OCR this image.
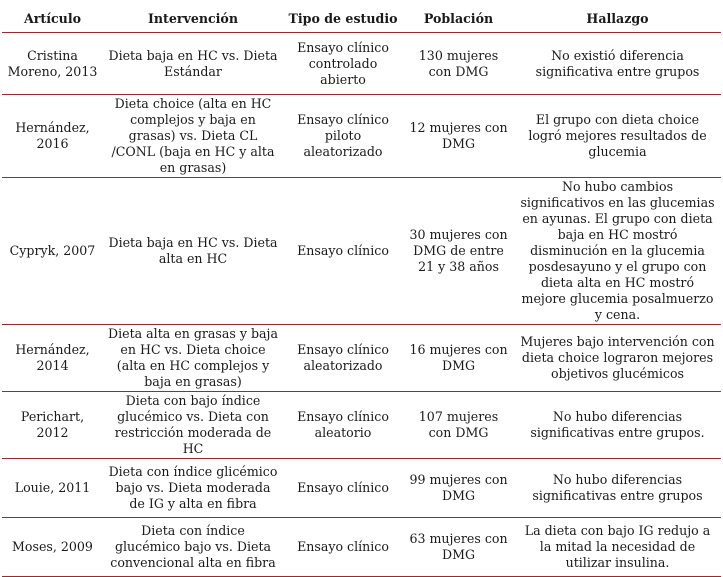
Artículo	Intervención	Tipo de estudio	Población	Hallazgo
Cristina Moreno, 2013	Dieta baja en HC vs. Dieta Estándar	Ensayo clínico controlado abierto	130 mujeres con DMG	No existió diferencia significativa entre grupos
Hernández, 2016	Dieta choice (alta en HC complejos y baja en grasas) vs. Dieta CL /CONL (baja en HC y alta en grasas)	Ensayo clínico piloto aleatorizado	12 mujeres con DMG	El grupo con dieta choice logró mejores resultados de glucemia
Cypryk, 2007	Dieta baja en HC vs. Dieta alta en HC	Ensayo clínico	30 mujeres con DMG de entre 21 y 38 años	No hubo cambios significativos en las glucemias en ayunas. El grupo con dieta baja en HC mostró disminución en la glucemia posdesayuno y el grupo con dieta alta en HC mostró mejore glucemia posalmuerzo y cena.
Hernández, 2014	Dieta alta en grasas y baja en HC vs. Dieta choice (alta en HC complejos y baja en grasas)	Ensayo clínico aleatorizado	16 mujeres con DMG	Mujeres bajo intervención con dieta choice lograron mejores objetivos glucémicos
Perichart, 2012	Dieta con bajo índice glucémico vs. Dieta con restricción moderada de HC	Ensayo clínico aleatorio	107 mujeres con DMG	No hubo diferencias significativas entre grupos.
Louie, 2011	Dieta con índice glicémico bajo vs. Dieta moderada de IG y alta en fibra	Ensayo clínico	99 mujeres con DMG	No hubo diferencias significativas entre grupos
Moses, 2009	Dieta con índice glucémico bajo vs. Dieta convencional alta en fibra	Ensayo clínico	63 mujeres con DMG	La dieta con bajo IG redujo a la mitad la necesidad de utilizar insulina.
